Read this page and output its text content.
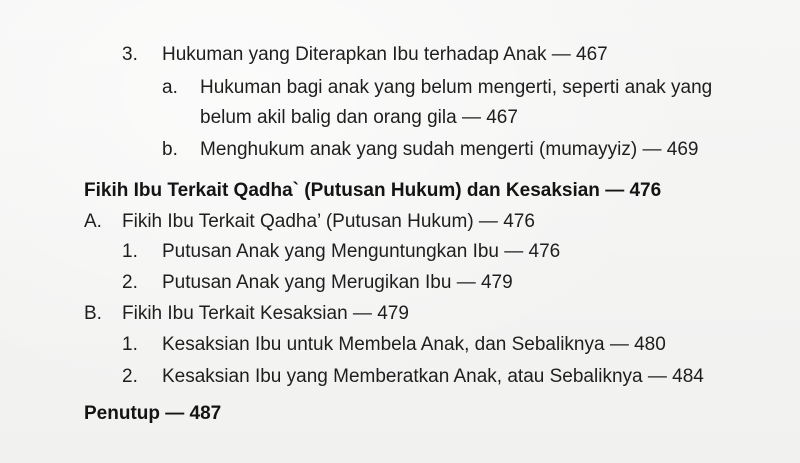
3. Hukuman yang Diterapkan Ibu terhadap Anak — 467
a. Hukuman bagi anak yang belum mengerti, seperti anak yang
belum akil balig dan orang gila — 467
b. Menghukum anak yang sudah mengerti (mumayyiz) — 469
Fikih Ibu Terkait Qadha` (Putusan Hukum) dan Kesaksian — 476
A. Fikih Ibu Terkait Qadha’ (Putusan Hukum) — 476
1. Putusan Anak yang Menguntungkan Ibu — 476
2. Putusan Anak yang Merugikan Ibu — 479
B. Fikih Ibu Terkait Kesaksian — 479
1. Kesaksian Ibu untuk Membela Anak, dan Sebaliknya — 480
2. Kesaksian Ibu yang Memberatkan Anak, atau Sebaliknya — 484
Penutup — 487
